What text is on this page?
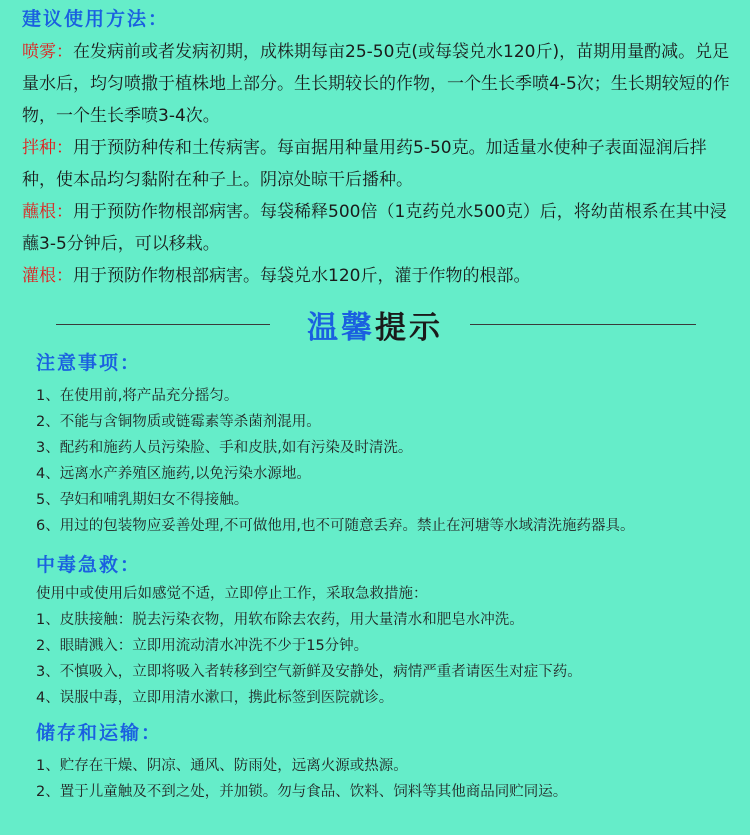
建议使用方法：
喷雾：在发病前或者发病初期，成株期每亩25-50克(或每袋兑水120斤)，苗期用量酌减。兑足量水后，均匀喷撒于植株地上部分。生长期较长的作物，一个生长季喷4-5次；生长期较短的作物，一个生长季喷3-4次。
拌种：用于预防种传和土传病害。每亩据用种量用药5-50克。加适量水使种子表面湿润后拌种，使本品均匀黏附在种子上。阴凉处晾干后播种。
蘸根：用于预防作物根部病害。每袋稀释500倍（1克药兑水500克）后，将幼苗根系在其中浸蘸3-5分钟后，可以移栽。
灌根：用于预防作物根部病害。每袋兑水120斤，灌于作物的根部。
温馨提示
注意事项：
1、在使用前,将产品充分摇匀。
2、不能与含铜物质或链霉素等杀菌剂混用。
3、配药和施药人员污染脸、手和皮肤,如有污染及时清洗。
4、远离水产养殖区施药,以免污染水源地。
5、孕妇和哺乳期妇女不得接触。
6、用过的包装物应妥善处理,不可做他用,也不可随意丢弃。禁止在河塘等水域清洗施药器具。
中毒急救：
使用中或使用后如感觉不适，立即停止工作，采取急救措施：
1、皮肤接触：脱去污染衣物，用软布除去农药，用大量清水和肥皂水冲洗。
2、眼睛溅入：立即用流动清水冲洗不少于15分钟。
3、不慎吸入，立即将吸入者转移到空气新鲜及安静处，病情严重者请医生对症下药。
4、误服中毒，立即用清水漱口，携此标签到医院就诊。
储存和运输：
1、贮存在干燥、阴凉、通风、防雨处，远离火源或热源。
2、置于儿童触及不到之处，并加锁。勿与食品、饮料、饲料等其他商品同贮同运。
